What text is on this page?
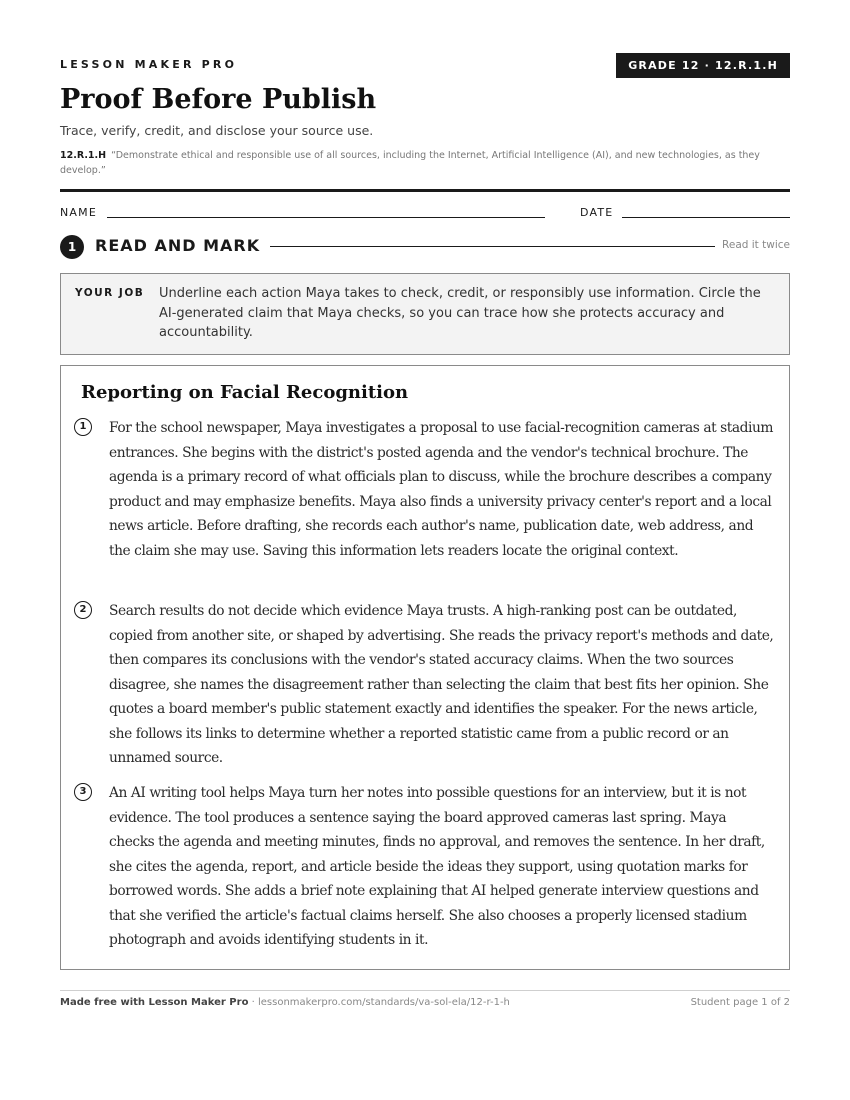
LESSON MAKER PRO	GRADE 12 · 12.R.1.H
Proof Before Publish
Trace, verify, credit, and disclose your source use.
12.R.1.H “Demonstrate ethical and responsible use of all sources, including the Internet, Artificial Intelligence (AI), and new technologies, as they develop.”
NAME	DATE
1	READ AND MARK	Read it twice
YOUR JOB Underline each action Maya takes to check, credit, or responsibly use information. Circle the AI-generated claim that Maya checks, so you can trace how she protects accuracy and accountability.
Reporting on Facial Recognition
1	For the school newspaper, Maya investigates a proposal to use facial-recognition cameras at stadium entrances. She begins with the district's posted agenda and the vendor's technical brochure. The agenda is a primary record of what officials plan to discuss, while the brochure describes a company product and may emphasize benefits. Maya also finds a university privacy center's report and a local news article. Before drafting, she records each author's name, publication date, web address, and the claim she may use. Saving this information lets readers locate the original context.

2	Search results do not decide which evidence Maya trusts. A high-ranking post can be outdated, copied from another site, or shaped by advertising. She reads the privacy report's methods and date, then compares its conclusions with the vendor's stated accuracy claims. When the two sources disagree, she names the disagreement rather than selecting the claim that best fits her opinion. She quotes a board member's public statement exactly and identifies the speaker. For the news article, she follows its links to determine whether a reported statistic came from a public record or an unnamed source.

3	An AI writing tool helps Maya turn her notes into possible questions for an interview, but it is not evidence. The tool produces a sentence saying the board approved cameras last spring. Maya checks the agenda and meeting minutes, finds no approval, and removes the sentence. In her draft, she cites the agenda, report, and article beside the ideas they support, using quotation marks for borrowed words. She adds a brief note explaining that AI helped generate interview questions and that she verified the article's factual claims herself. She also chooses a properly licensed stadium photograph and avoids identifying students in it.

Made free with Lesson Maker Pro · lessonmakerpro.com/standards/va-sol-ela/12-r-1-h	Student page 1 of 2
